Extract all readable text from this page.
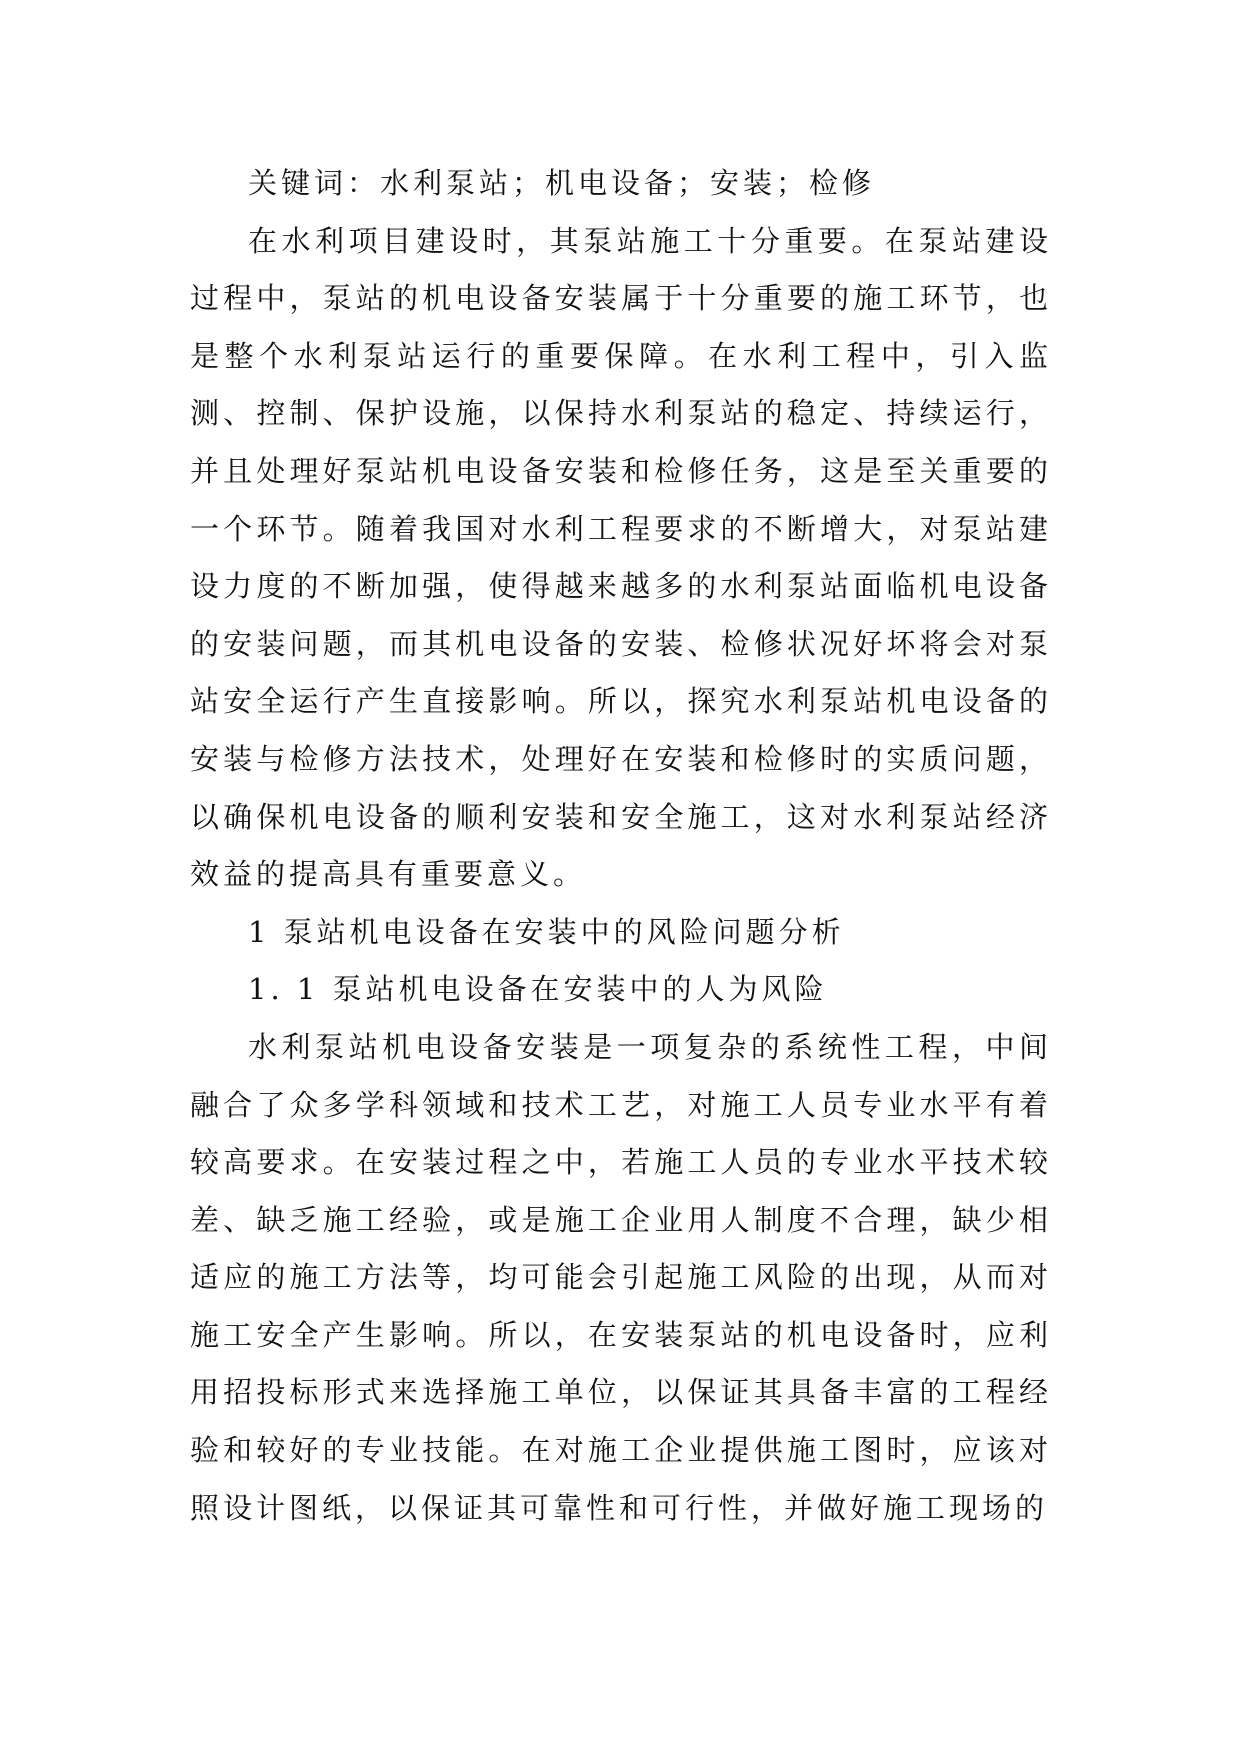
关键词：水利泵站；机电设备；安装；检修

在水利项目建设时，其泵站施工十分重要。在泵站建设过程中，泵站的机电设备安装属于十分重要的施工环节，也是整个水利泵站运行的重要保障。在水利工程中，引入监测、控制、保护设施，以保持水利泵站的稳定、持续运行，并且处理好泵站机电设备安装和检修任务，这是至关重要的一个环节。随着我国对水利工程要求的不断增大，对泵站建设力度的不断加强，使得越来越多的水利泵站面临机电设备的安装问题，而其机电设备的安装、检修状况好坏将会对泵站安全运行产生直接影响。所以，探究水利泵站机电设备的安装与检修方法技术，处理好在安装和检修时的实质问题，以确保机电设备的顺利安装和安全施工，这对水利泵站经济效益的提高具有重要意义。

1 泵站机电设备在安装中的风险问题分析

1. 1 泵站机电设备在安装中的人为风险

水利泵站机电设备安装是一项复杂的系统性工程，中间融合了众多学科领域和技术工艺，对施工人员专业水平有着较高要求。在安装过程之中，若施工人员的专业水平技术较差、缺乏施工经验，或是施工企业用人制度不合理，缺少相适应的施工方法等，均可能会引起施工风险的出现，从而对施工安全产生影响。所以，在安装泵站的机电设备时，应利用招投标形式来选择施工单位，以保证其具备丰富的工程经验和较好的专业技能。在对施工企业提供施工图时，应该对照设计图纸，以保证其可靠性和可行性，并做好施工现场的
